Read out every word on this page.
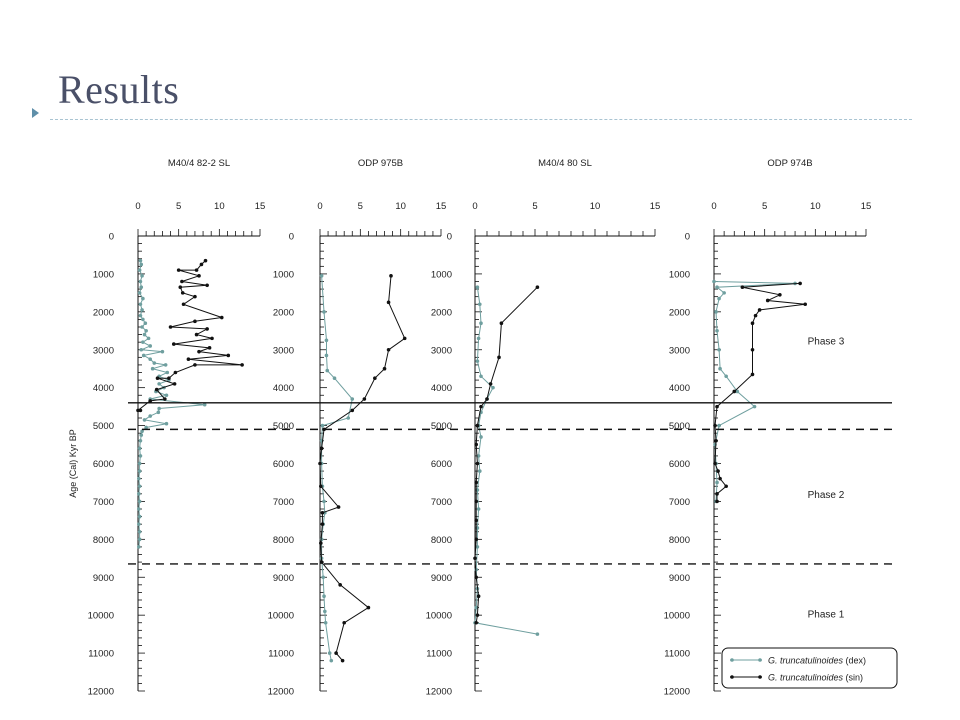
Results
Age (Cal) Kyr BP
M40/4 82-2 SL
0	5	10	15
0
1000
2000
3000
4000
5000
6000
7000
8000
9000
10000
11000
12000
ODP 975B
0	5	10	15
0
1000
2000
3000
4000
5000
6000
7000
8000
9000
10000
11000
12000
M40/4 80 SL
0	5	10	15
0
1000
2000
3000
4000
5000
6000
7000
8000
9000
10000
11000
12000
ODP 974B
0	5	10	15
0
1000
2000
3000
4000
5000
6000
7000
8000
9000
10000
11000
12000
Phase 3
Phase 2
Phase 1
G. truncatulinoides (dex)
G. truncatulinoides (sin)
